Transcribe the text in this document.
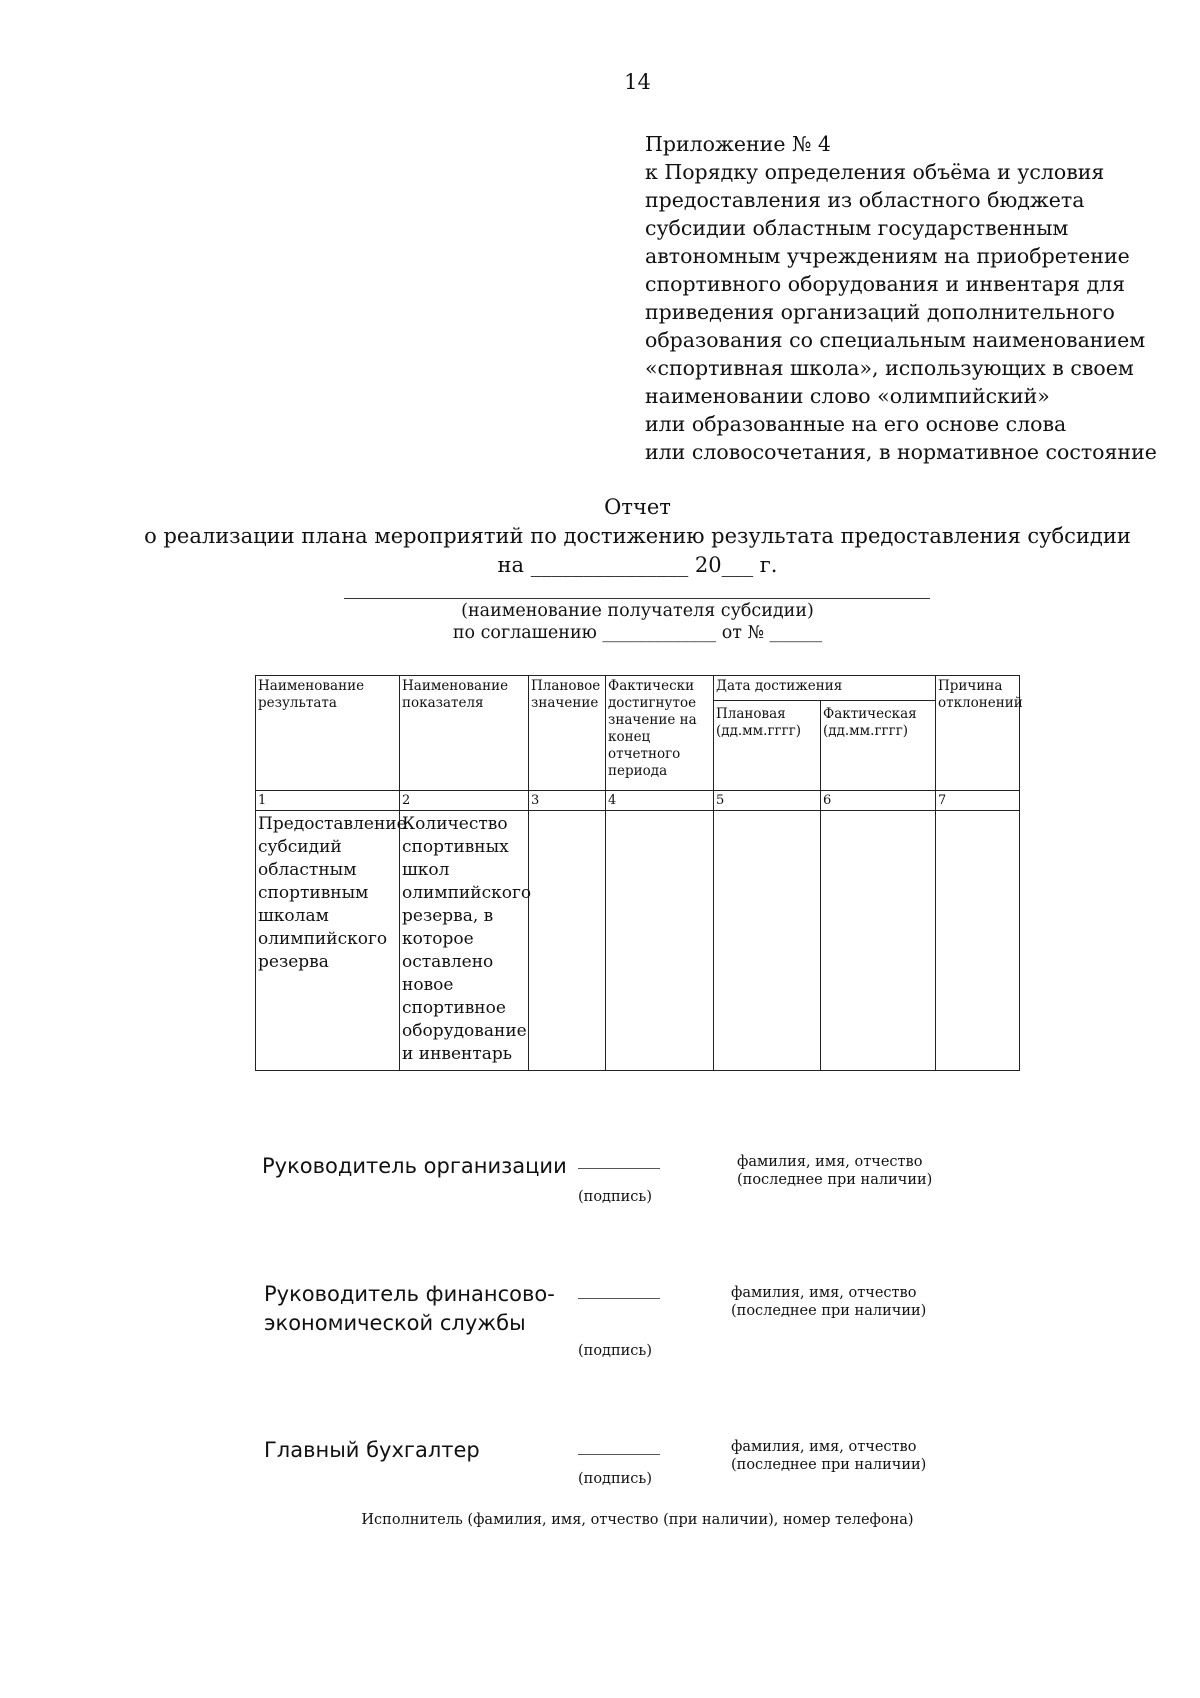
14
Приложение № 4
к Порядку определения объёма и условия
предоставления из областного бюджета
субсидии областным государственным
автономным учреждениям на приобретение
спортивного оборудования и инвентаря для
приведения организаций дополнительного
образования со специальным наименованием
«спортивная школа», использующих в своем
наименовании слово «олимпийский»
или образованные на его основе слова
или словосочетания, в нормативное состояние
Отчет
о реализации плана мероприятий по достижению результата предоставления субсидии
на _______________ 20___ г.
(наименование получателя субсидии)
по соглашению _____________ от № ______
Наименование результата	Наименование показателя	Плановое значение	Фактически достигнутое значение на конец отчетного периода	Дата достижения		Причина отклонений
				Плановая (дд.мм.гггг)	Фактическая (дд.мм.гггг)	
1	2	3	4	5	6	7
Предоставление субсидий областным спортивным школам олимпийского резерва	Количество спортивных школ олимпийского резерва, в которое оставлено новое спортивное оборудование и инвентарь					
Руководитель организации
(подпись)
фамилия, имя, отчество
(последнее при наличии)
Руководитель финансово-
экономической службы
(подпись)
фамилия, имя, отчество
(последнее при наличии)
Главный бухгалтер
(подпись)
фамилия, имя, отчество
(последнее при наличии)
Исполнитель (фамилия, имя, отчество (при наличии), номер телефона)
